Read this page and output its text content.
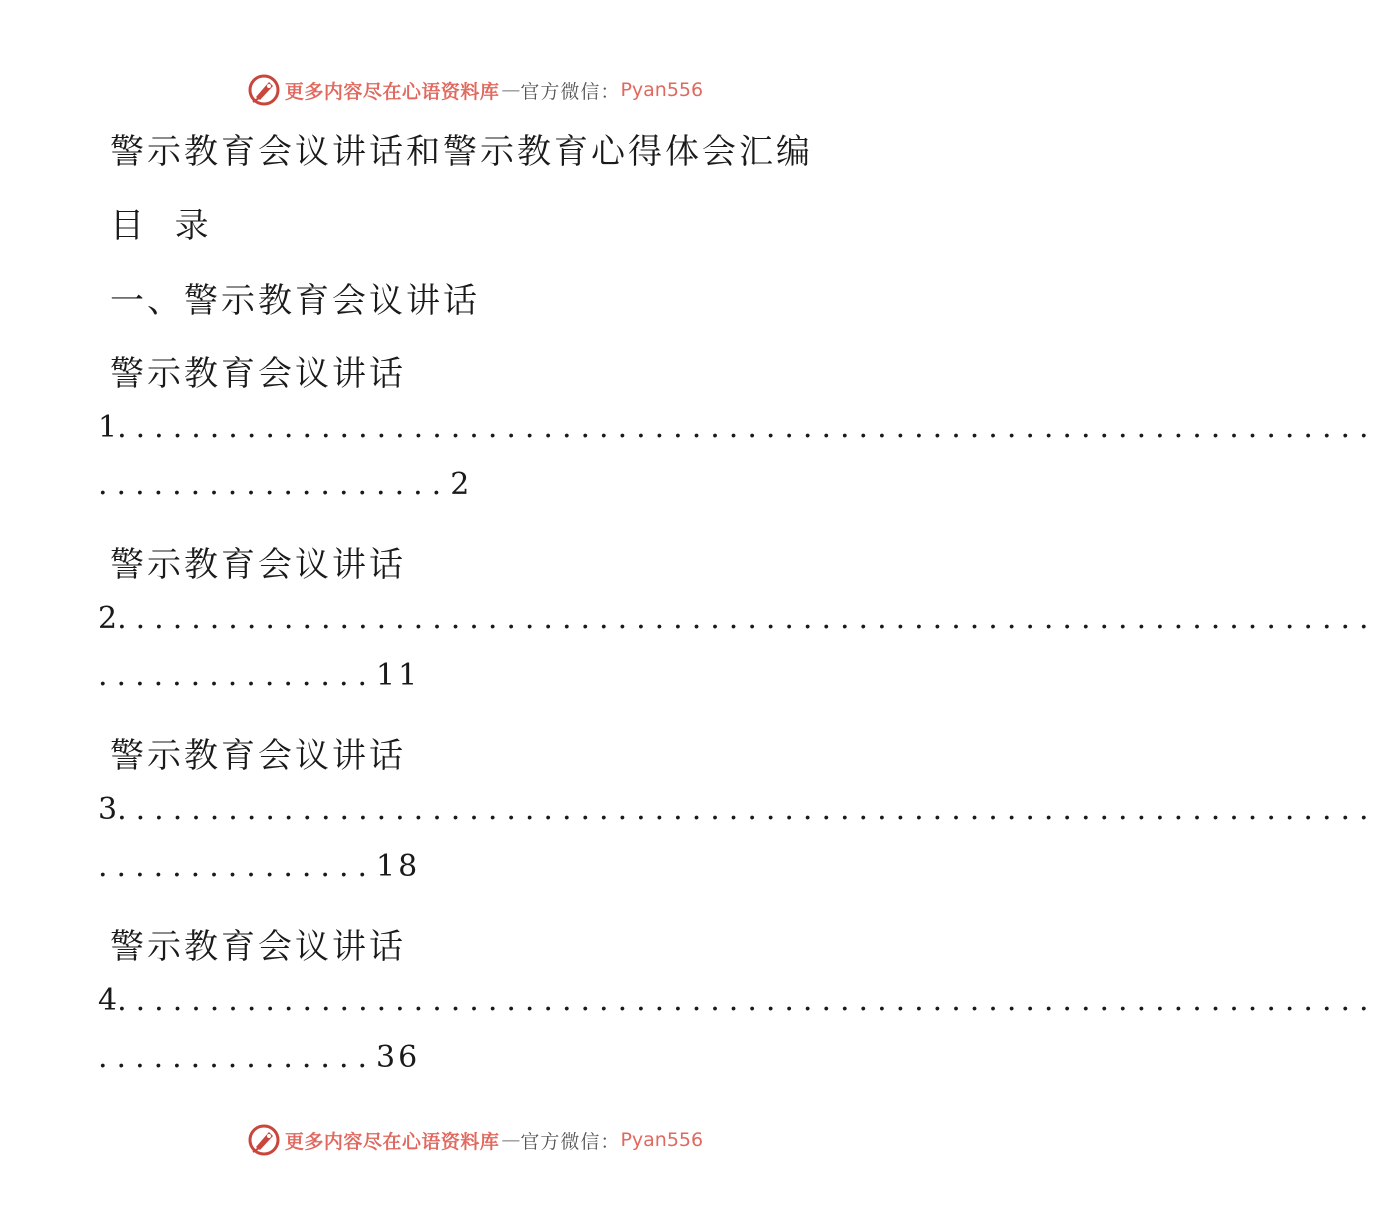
更多内容尽在心语资料库 — 官方微信： Pyan556
警示教育会议讲话和警示教育心得体会汇编
目  录
一、警示教育会议讲话
警示教育会议讲话
1 ....................................................................
...................2
警示教育会议讲话
2 ....................................................................
...............11
警示教育会议讲话
3 ....................................................................
...............18
警示教育会议讲话
4 ....................................................................
...............36
更多内容尽在心语资料库 — 官方微信： Pyan556
